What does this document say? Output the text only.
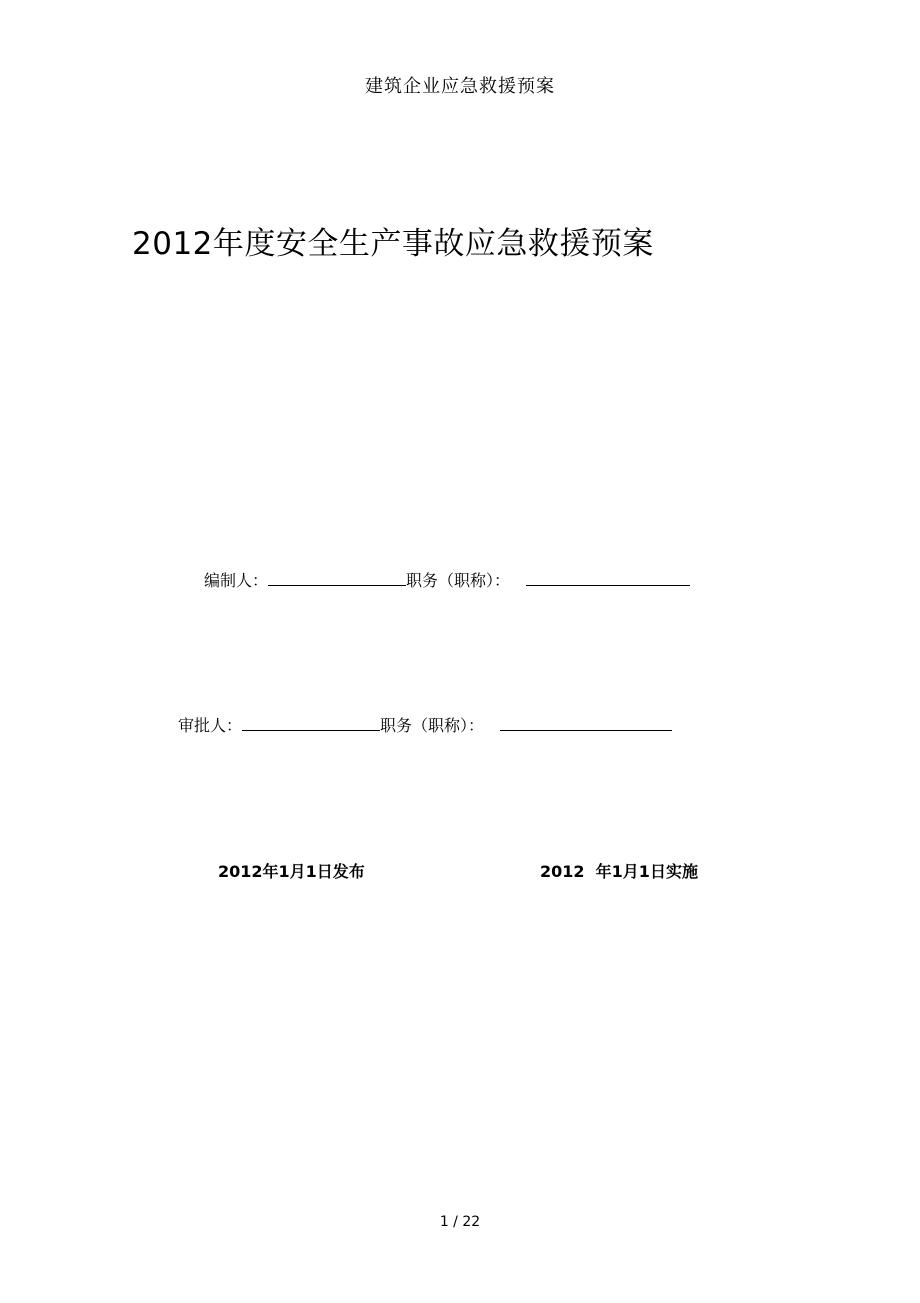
建筑企业应急救援预案
2012年度安全生产事故应急救援预案
编制人：	职务（职称）：
审批人：	职务（职称）：
2012年1月1日发布	2012  年1月1日实施
1 / 22
